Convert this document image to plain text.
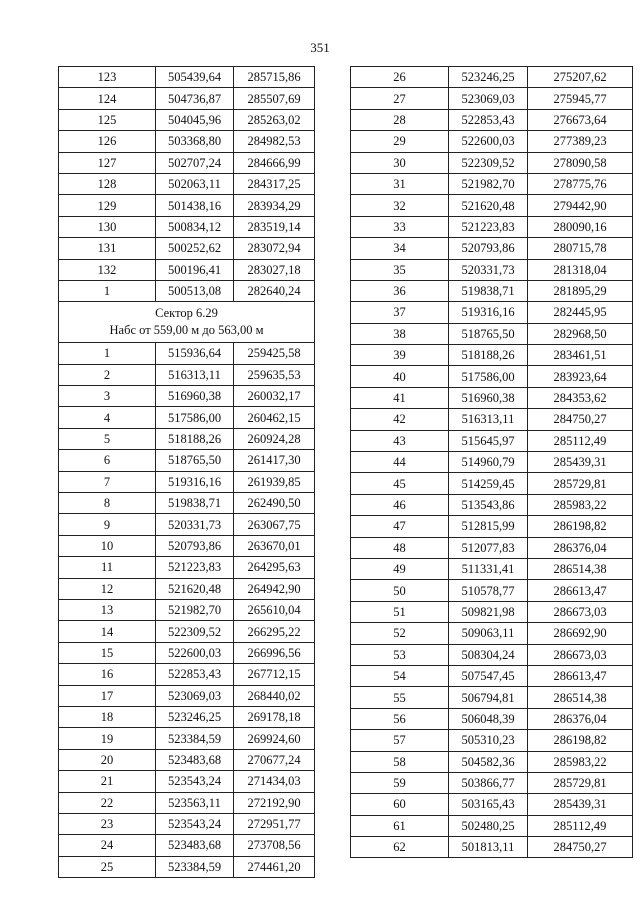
351
123	505439,64	285715,86
124	504736,87	285507,69
125	504045,96	285263,02
126	503368,80	284982,53
127	502707,24	284666,99
128	502063,11	284317,25
129	501438,16	283934,29
130	500834,12	283519,14
131	500252,62	283072,94
132	500196,41	283027,18
1	500513,08	282640,24

Сектор 6.29
Набс от 559,00 м до 563,00 м		

1	515936,64	259425,58
2	516313,11	259635,53
3	516960,38	260032,17
4	517586,00	260462,15
5	518188,26	260924,28
6	518765,50	261417,30
7	519316,16	261939,85
8	519838,71	262490,50
9	520331,73	263067,75
10	520793,86	263670,01
11	521223,83	264295,63
12	521620,48	264942,90
13	521982,70	265610,04
14	522309,52	266295,22
15	522600,03	266996,56
16	522853,43	267712,15
17	523069,03	268440,02
18	523246,25	269178,18
19	523384,59	269924,60
20	523483,68	270677,24
21	523543,24	271434,03
22	523563,11	272192,90
23	523543,24	272951,77
24	523483,68	273708,56
25	523384,59	274461,20
26	523246,25	275207,62
27	523069,03	275945,77
28	522853,43	276673,64
29	522600,03	277389,23
30	522309,52	278090,58
31	521982,70	278775,76
32	521620,48	279442,90
33	521223,83	280090,16
34	520793,86	280715,78
35	520331,73	281318,04
36	519838,71	281895,29
37	519316,16	282445,95
38	518765,50	282968,50
39	518188,26	283461,51
40	517586,00	283923,64
41	516960,38	284353,62
42	516313,11	284750,27
43	515645,97	285112,49
44	514960,79	285439,31
45	514259,45	285729,81
46	513543,86	285983,22
47	512815,99	286198,82
48	512077,83	286376,04
49	511331,41	286514,38
50	510578,77	286613,47
51	509821,98	286673,03
52	509063,11	286692,90
53	508304,24	286673,03
54	507547,45	286613,47
55	506794,81	286514,38
56	506048,39	286376,04
57	505310,23	286198,82
58	504582,36	285983,22
59	503866,77	285729,81
60	503165,43	285439,31
61	502480,25	285112,49
62	501813,11	284750,27
